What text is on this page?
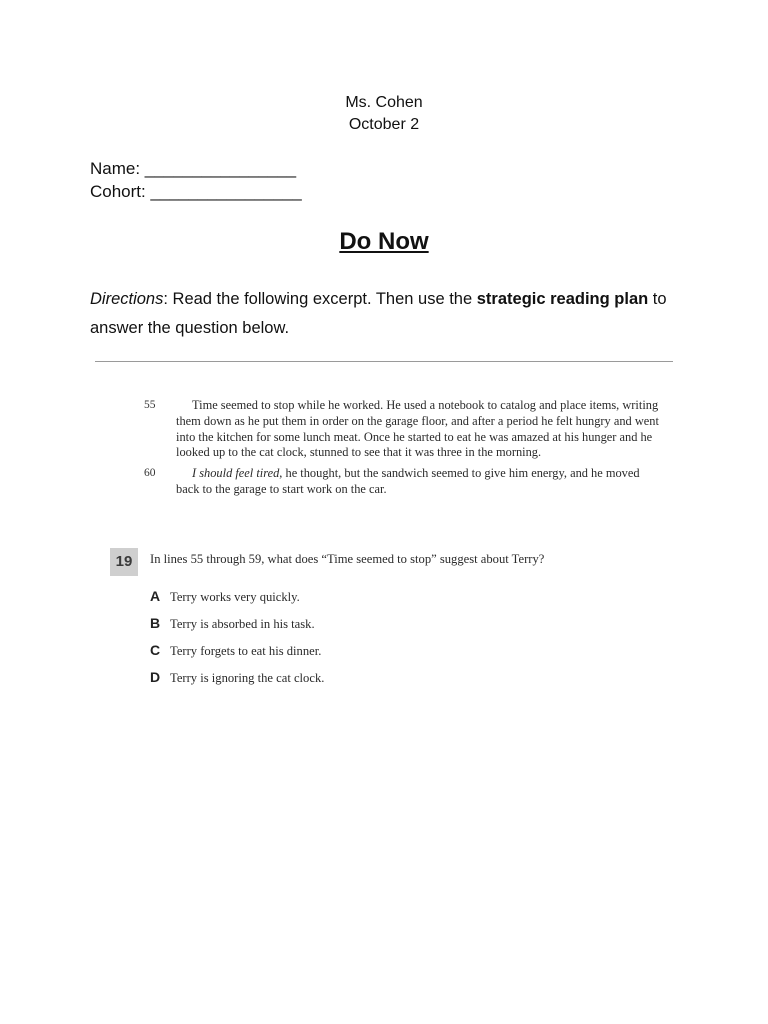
Ms. Cohen
October 2
Name: ________________
Cohort: ________________
Do Now
Directions: Read the following excerpt. Then use the strategic reading plan to answer the question below.
55	Time seemed to stop while he worked. He used a notebook to catalog and place items, writing them down as he put them in order on the garage floor, and after a period he felt hungry and went into the kitchen for some lunch meat. Once he started to eat he was amazed at his hunger and he looked up to the cat clock, stunned to see that it was three in the morning.
60	I should feel tired, he thought, but the sandwich seemed to give him energy, and he moved back to the garage to start work on the car.
19	In lines 55 through 59, what does “Time seemed to stop” suggest about Terry?
A Terry works very quickly.
B Terry is absorbed in his task.
C Terry forgets to eat his dinner.
D Terry is ignoring the cat clock.
